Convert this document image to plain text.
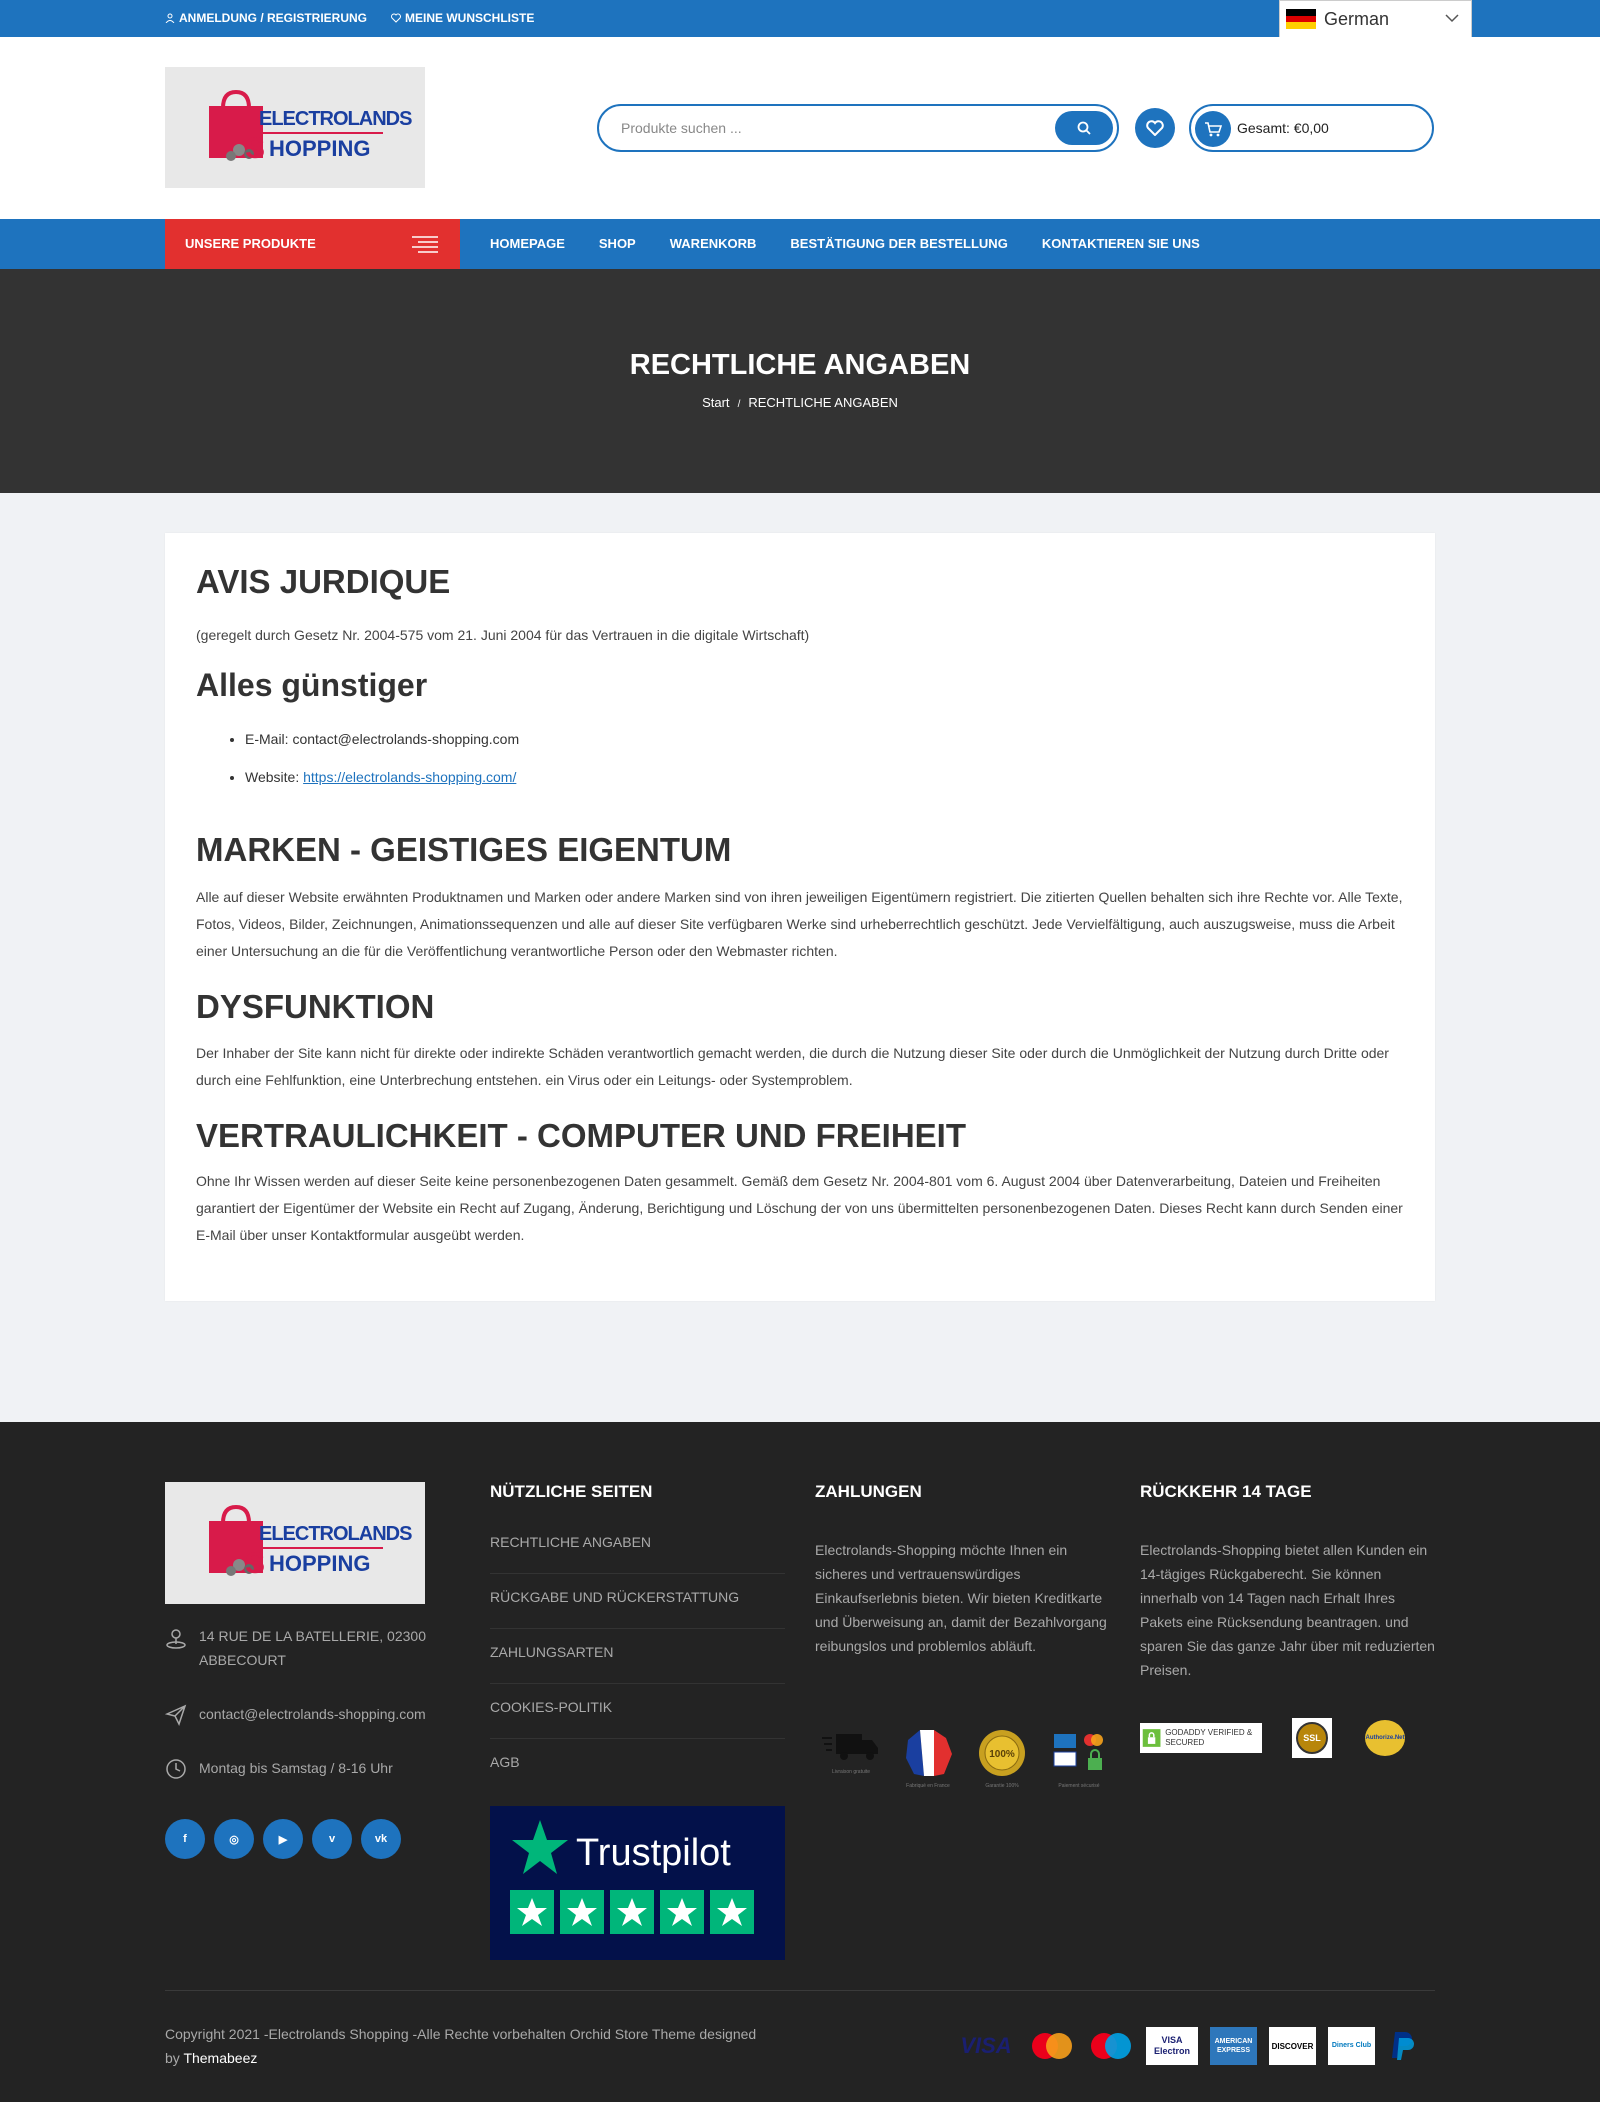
ANMELDUNG / REGISTRIERUNG	MEINE WUNSCHLISTE	German
ELECTROLANDS
S HOPPING
Produkte suchen ...	Gesamt: €0,00
UNSERE PRODUKTE	HOMEPAGE	SHOP	WARENKORB	BESTÄTIGUNG DER BESTELLUNG	KONTAKTIEREN SIE UNS
RECHTLICHE ANGABEN
Start / RECHTLICHE ANGABEN
AVIS JURDIQUE

(geregelt durch Gesetz Nr. 2004-575 vom 21. Juni 2004 für das Vertrauen in die digitale Wirtschaft)

Alles günstiger
• E-Mail: contact@electrolands-shopping.com
• Website: https://electrolands-shopping.com/
MARKEN - GEISTIGES EIGENTUM

Alle auf dieser Website erwähnten Produktnamen und Marken oder andere Marken sind von ihren jeweiligen Eigentümern registriert. Die zitierten Quellen behalten sich ihre Rechte vor. Alle Texte, Fotos, Videos, Bilder, Zeichnungen, Animationssequenzen und alle auf dieser Site verfügbaren Werke sind urheberrechtlich geschützt. Jede Vervielfältigung, auch auszugsweise, muss die Arbeit einer Untersuchung an die für die Veröffentlichung verantwortliche Person oder den Webmaster richten.

DYSFUNKTION

Der Inhaber der Site kann nicht für direkte oder indirekte Schäden verantwortlich gemacht werden, die durch die Nutzung dieser Site oder durch die Unmöglichkeit der Nutzung durch Dritte oder durch eine Fehlfunktion, eine Unterbrechung entstehen. ein Virus oder ein Leitungs- oder Systemproblem.

VERTRAULICHKEIT - COMPUTER UND FREIHEIT

Ohne Ihr Wissen werden auf dieser Seite keine personenbezogenen Daten gesammelt. Gemäß dem Gesetz Nr. 2004-801 vom 6. August 2004 über Datenverarbeitung, Dateien und Freiheiten garantiert der Eigentümer der Website ein Recht auf Zugang, Änderung, Berichtigung und Löschung der von uns übermittelten personenbezogenen Daten. Dieses Recht kann durch Senden einer E-Mail über unser Kontaktformular ausgeübt werden.

ELECTROLANDS
S HOPPING
14 RUE DE LA BATELLERIE, 02300 ABBECOURT
contact@electrolands-shopping.com
Montag bis Samstag / 8-16 Uhr
f	◎	▶	v	vk
NÜTZLICHE SEITEN
RECHTLICHE ANGABEN
RÜCKGABE UND RÜCKERSTATTUNG
ZAHLUNGSARTEN
COOKIES-POLITIK
AGB
Trustpilot
ZAHLUNGEN
Electrolands-Shopping möchte Ihnen ein sicheres und vertrauenswürdiges Einkaufserlebnis bieten. Wir bieten Kreditkarte und Überweisung an, damit der Bezahlvorgang reibungslos und problemlos abläuft.
Livraison gratuite
Fabriqué en France
100%
Garantie 100%	Paiement sécurisé
RÜCKKEHR 14 TAGE
Electrolands-Shopping bietet allen Kunden ein 14-tägiges Rückgaberecht. Sie können innerhalb von 14 Tagen nach Erhalt Ihres Pakets eine Rücksendung beantragen. und sparen Sie das ganze Jahr über mit reduzierten Preisen.
GODADDY VERIFIED & SECURED	SSL	Authorize.Net
Copyright 2021 -Electrolands Shopping -Alle Rechte vorbehalten Orchid Store Theme designed by Themabeez	VISA	VISA Electron
AMERICAN EXPRESS	DISCOVER	Diners Club
